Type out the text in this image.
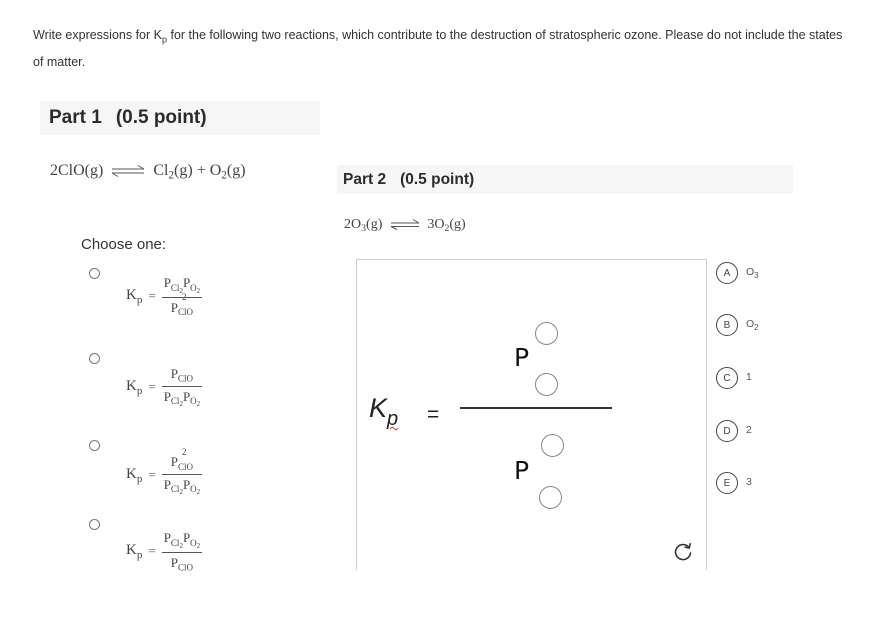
Write expressions for $K_p$ for the following two reactions, which contribute to the destruction of stratospheric ozone. Please do not include the states of matter.
Part 1 (0.5 point)
2ClO(g) ⇌ $Cl_2(g) + O_2(g)$
Choose one:
$K_p = P_{Cl_2}P_{O_2}$
P
$_{2 ClO}$
$K_p = \frac{P_{ClO}}{P_{Cl_2}P_{O_2}}$
$K_p = P$
$_{2 ClO}$
$P_{Cl_2}P_{O_2}$
$K_p = \frac{P_{Cl_2}P_{O_2}}{P_{ClO}}$
Part 2 (0.5 point)
$2O_3(g)$ ⇌ $3O_2(g)$
$K_p$ =
P
P
A $O_3$
B $O_2$
C 1
D 2
E 3
